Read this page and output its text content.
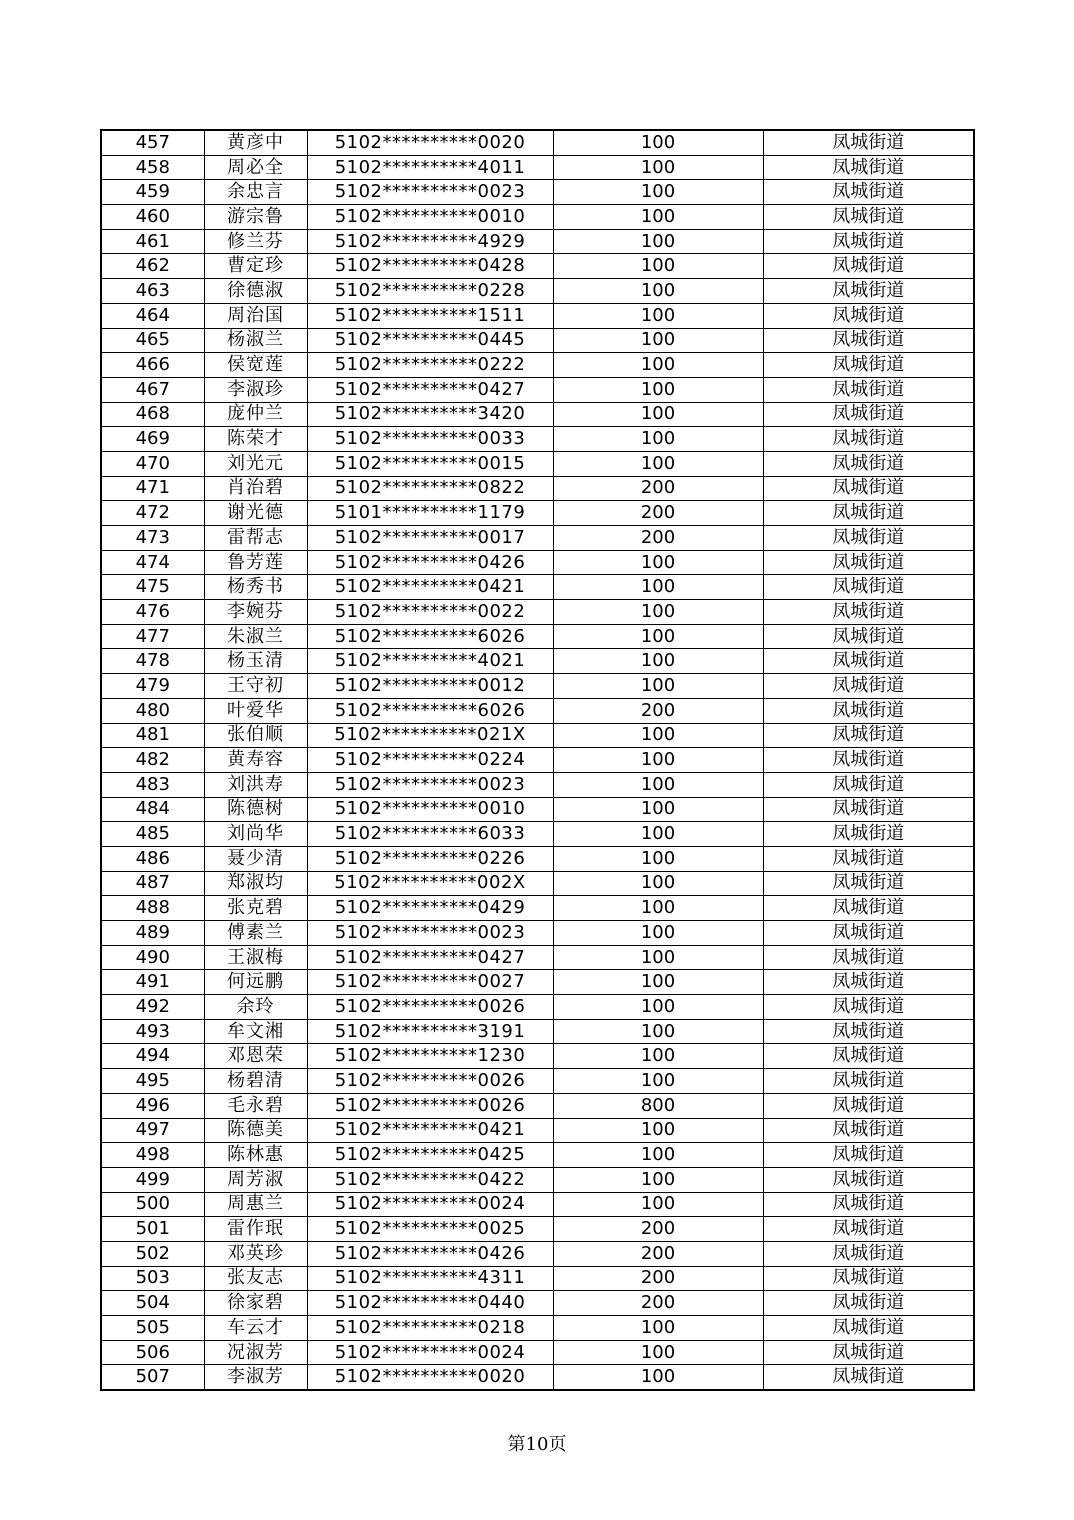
457	黄彦中	5102**********0020	100	凤城街道
458	周必全	5102**********4011	100	凤城街道
459	余忠言	5102**********0023	100	凤城街道
460	游宗鲁	5102**********0010	100	凤城街道
461	修兰芬	5102**********4929	100	凤城街道
462	曹定珍	5102**********0428	100	凤城街道
463	徐德淑	5102**********0228	100	凤城街道
464	周治国	5102**********1511	100	凤城街道
465	杨淑兰	5102**********0445	100	凤城街道
466	侯宽莲	5102**********0222	100	凤城街道
467	李淑珍	5102**********0427	100	凤城街道
468	庞仲兰	5102**********3420	100	凤城街道
469	陈荣才	5102**********0033	100	凤城街道
470	刘光元	5102**********0015	100	凤城街道
471	肖治碧	5102**********0822	200	凤城街道
472	谢光德	5101**********1179	200	凤城街道
473	雷帮志	5102**********0017	200	凤城街道
474	鲁芳莲	5102**********0426	100	凤城街道
475	杨秀书	5102**********0421	100	凤城街道
476	李婉芬	5102**********0022	100	凤城街道
477	朱淑兰	5102**********6026	100	凤城街道
478	杨玉清	5102**********4021	100	凤城街道
479	王守初	5102**********0012	100	凤城街道
480	叶爱华	5102**********6026	200	凤城街道
481	张伯顺	5102**********021X	100	凤城街道
482	黄寿容	5102**********0224	100	凤城街道
483	刘洪寿	5102**********0023	100	凤城街道
484	陈德树	5102**********0010	100	凤城街道
485	刘尚华	5102**********6033	100	凤城街道
486	聂少清	5102**********0226	100	凤城街道
487	郑淑均	5102**********002X	100	凤城街道
488	张克碧	5102**********0429	100	凤城街道
489	傅素兰	5102**********0023	100	凤城街道
490	王淑梅	5102**********0427	100	凤城街道
491	何远鹏	5102**********0027	100	凤城街道
492	余玲	5102**********0026	100	凤城街道
493	牟文湘	5102**********3191	100	凤城街道
494	邓恩荣	5102**********1230	100	凤城街道
495	杨碧清	5102**********0026	100	凤城街道
496	毛永碧	5102**********0026	800	凤城街道
497	陈德美	5102**********0421	100	凤城街道
498	陈林惠	5102**********0425	100	凤城街道
499	周芳淑	5102**********0422	100	凤城街道
500	周惠兰	5102**********0024	100	凤城街道
501	雷作珉	5102**********0025	200	凤城街道
502	邓英珍	5102**********0426	200	凤城街道
503	张友志	5102**********4311	200	凤城街道
504	徐家碧	5102**********0440	200	凤城街道
505	车云才	5102**********0218	100	凤城街道
506	况淑芳	5102**********0024	100	凤城街道
507	李淑芳	5102**********0020	100	凤城街道
第10页
